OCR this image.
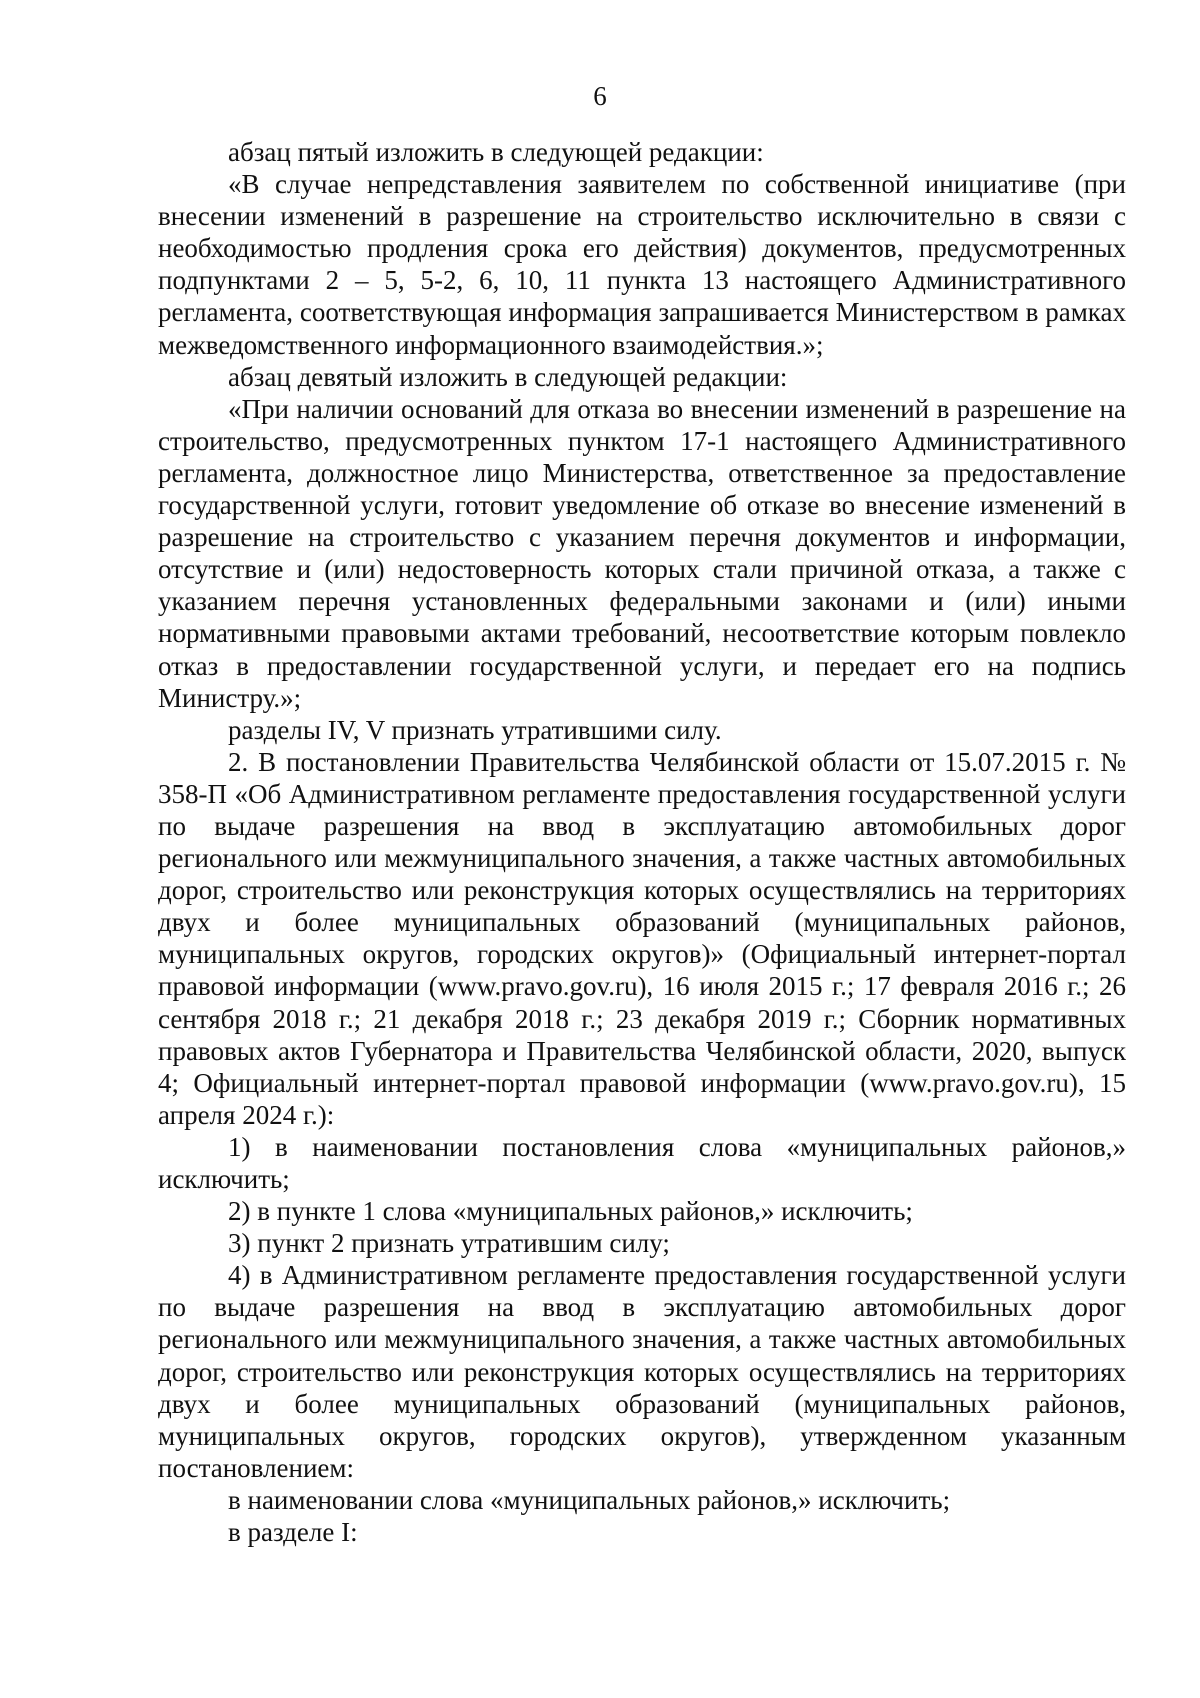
6

абзац пятый изложить в следующей редакции:

«В случае непредставления заявителем по собственной инициативе (при внесении изменений в разрешение на строительство исключительно в связи с необходимостью продления срока его действия) документов, предусмотренных подпунктами 2 – 5, 5-2, 6, 10, 11 пункта 13 настоящего Административного регламента, соответствующая информация запрашивается Министерством в рамках межведомственного информационного взаимодействия.»;

абзац девятый изложить в следующей редакции:

«При наличии оснований для отказа во внесении изменений в разрешение на строительство, предусмотренных пунктом 17-1 настоящего Административного регламента, должностное лицо Министерства, ответственное за предоставление государственной услуги, готовит уведомление об отказе во внесение изменений в разрешение на строительство с указанием перечня документов и информации, отсутствие и (или) недостоверность которых стали причиной отказа, а также с указанием перечня установленных федеральными законами и (или) иными нормативными правовыми актами требований, несоответствие которым повлекло отказ в предоставлении государственной услуги, и передает его на подпись Министру.»;

разделы IV, V признать утратившими силу.

2. В постановлении Правительства Челябинской области от 15.07.2015 г. № 358-П «Об Административном регламенте предоставления государственной услуги по выдаче разрешения на ввод в эксплуатацию автомобильных дорог регионального или межмуниципального значения, а также частных автомобильных дорог, строительство или реконструкция которых осуществлялись на территориях двух и более муниципальных образований (муниципальных районов, муниципальных округов, городских округов)» (Официальный интернет-портал правовой информации (www.pravo.gov.ru), 16 июля 2015 г.; 17 февраля 2016 г.; 26 сентября 2018 г.; 21 декабря 2018 г.; 23 декабря 2019 г.; Сборник нормативных правовых актов Губернатора и Правительства Челябинской области, 2020, выпуск 4; Официальный интернет-портал правовой информации (www.pravo.gov.ru), 15 апреля 2024 г.):

1) в наименовании постановления слова «муниципальных районов,» исключить;

2) в пункте 1 слова «муниципальных районов,» исключить;

3) пункт 2 признать утратившим силу;

4) в Административном регламенте предоставления государственной услуги по выдаче разрешения на ввод в эксплуатацию автомобильных дорог регионального или межмуниципального значения, а также частных автомобильных дорог, строительство или реконструкция которых осуществлялись на территориях двух и более муниципальных образований (муниципальных районов, муниципальных округов, городских округов), утвержденном указанным постановлением:

в наименовании слова «муниципальных районов,» исключить;

в разделе I:
